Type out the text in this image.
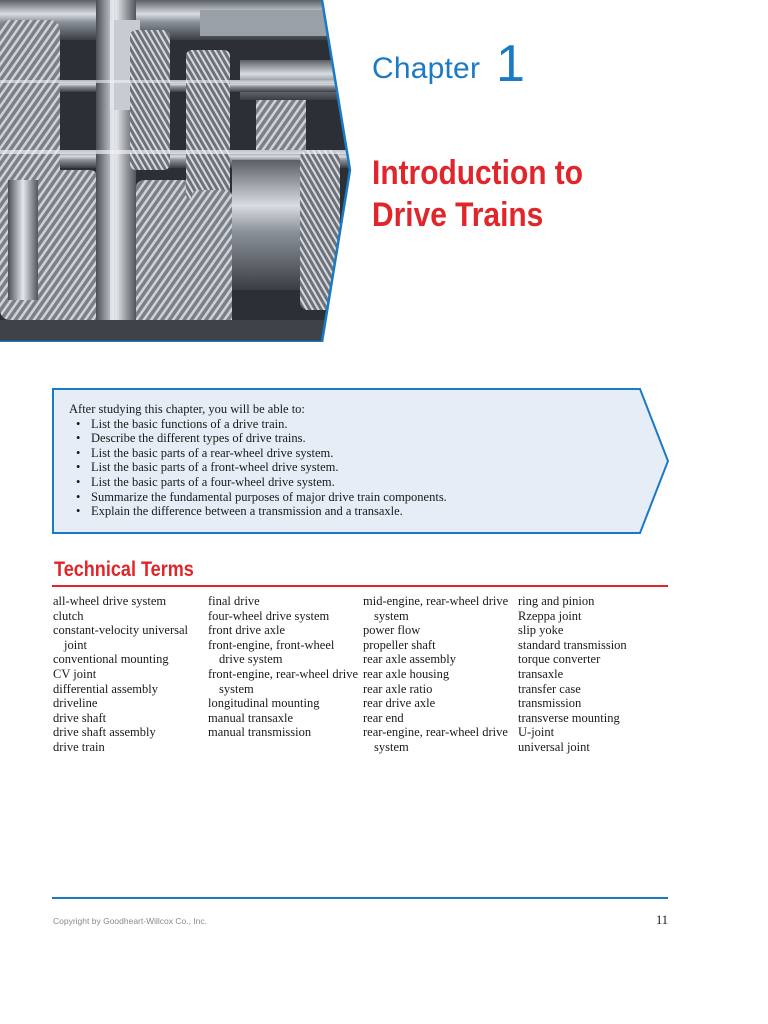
Chapter 1
Introduction to
Drive Trains
After studying this chapter, you will be able to:
• List the basic functions of a drive train.
• Describe the different types of drive trains.
• List the basic parts of a rear-wheel drive system.
• List the basic parts of a front-wheel drive system.
• List the basic parts of a four-wheel drive system.
• Summarize the fundamental purposes of major drive train components.
• Explain the difference between a transmission and a transaxle.
Technical Terms
all-wheel drive system
clutch
constant-velocity universal joint
conventional mounting
CV joint
differential assembly
driveline
drive shaft
drive shaft assembly
drive train
final drive
four-wheel drive system
front drive axle
front-engine, front-wheel drive system
front-engine, rear-wheel drive system
longitudinal mounting
manual transaxle
manual transmission
mid-engine, rear-wheel drive system
power flow
propeller shaft
rear axle assembly
rear axle housing
rear axle ratio
rear drive axle
rear end
rear-engine, rear-wheel drive system
ring and pinion
Rzeppa joint
slip yoke
standard transmission
torque converter
transaxle
transfer case
transmission
transverse mounting
U-joint
universal joint
Copyright by Goodheart-Willcox Co., Inc.	11
